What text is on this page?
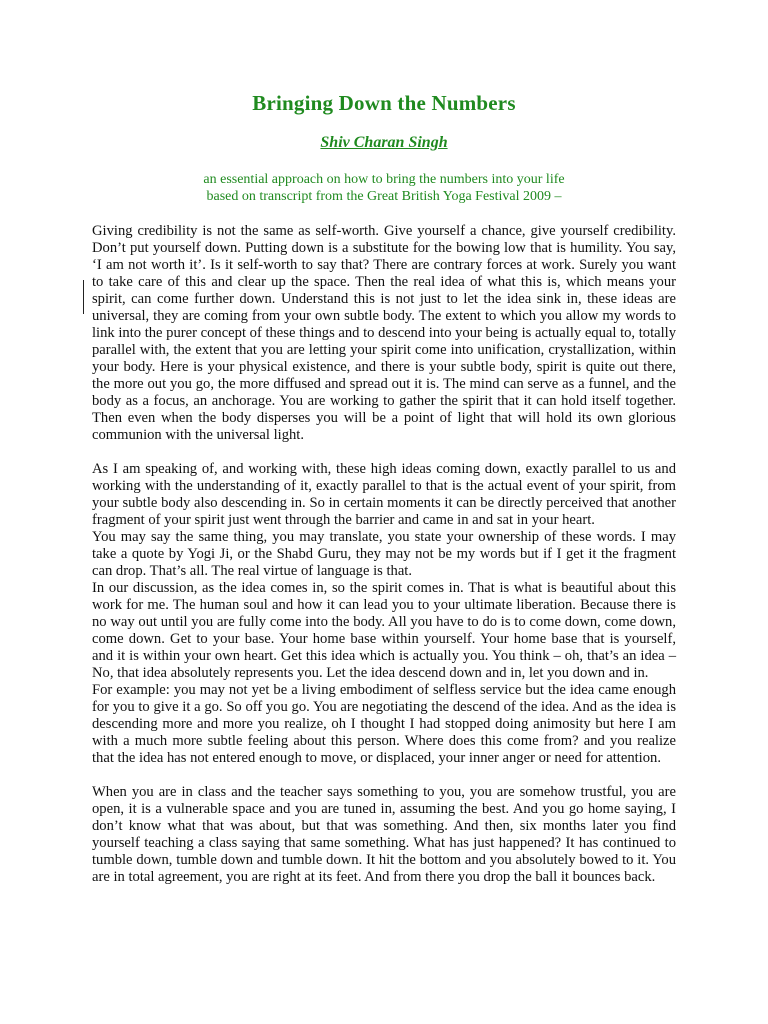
Bringing Down the Numbers
Shiv Charan Singh
an essential approach on how to bring the numbers into your life
based on transcript from the Great British Yoga Festival 2009 –

Giving credibility is not the same as self-worth. Give yourself a chance, give yourself credibility. Don’t put yourself down. Putting down is a substitute for the bowing low that is humility. You say, ‘I am not worth it’. Is it self-worth to say that? There are contrary forces at work. Surely you want to take care of this and clear up the space. Then the real idea of what this is, which means your spirit, can come further down. Understand this is not just to let the idea sink in, these ideas are universal, they are coming from your own subtle body. The extent to which you allow my words to link into the purer concept of these things and to descend into your being is actually equal to, totally parallel with, the extent that you are letting your spirit come into unification, crystallization, within your body. Here is your physical existence, and there is your subtle body, spirit is quite out there, the more out you go, the more diffused and spread out it is. The mind can serve as a funnel, and the body as a focus, an anchorage. You are working to gather the spirit that it can hold itself together. Then even when the body disperses you will be a point of light that will hold its own glorious communion with the universal light.

As I am speaking of, and working with, these high ideas coming down, exactly parallel to us and working with the understanding of it, exactly parallel to that is the actual event of your spirit, from your subtle body also descending in. So in certain moments it can be directly perceived that another fragment of your spirit just went through the barrier and came in and sat in your heart.

You may say the same thing, you may translate, you state your ownership of these words. I may take a quote by Yogi Ji, or the Shabd Guru, they may not be my words but if I get it the fragment can drop. That’s all. The real virtue of language is that.

In our discussion, as the idea comes in, so the spirit comes in. That is what is beautiful about this work for me. The human soul and how it can lead you to your ultimate liberation. Because there is no way out until you are fully come into the body. All you have to do is to come down, come down, come down. Get to your base. Your home base within yourself. Your home base that is yourself, and it is within your own heart. Get this idea which is actually you. You think – oh, that’s an idea – No, that idea absolutely represents you. Let the idea descend down and in, let you down and in.

For example: you may not yet be a living embodiment of selfless service but the idea came enough for you to give it a go. So off you go. You are negotiating the descend of the idea. And as the idea is descending more and more you realize, oh I thought I had stopped doing animosity but here I am with a much more subtle feeling about this person. Where does this come from? and you realize that the idea has not entered enough to move, or displaced, your inner anger or need for attention.

When you are in class and the teacher says something to you, you are somehow trustful, you are open, it is a vulnerable space and you are tuned in, assuming the best. And you go home saying, I don’t know what that was about, but that was something. And then, six months later you find yourself teaching a class saying that same something. What has just happened? It has continued to tumble down, tumble down and tumble down. It hit the bottom and you absolutely bowed to it. You are in total agreement, you are right at its feet. And from there you drop the ball it bounces back.
